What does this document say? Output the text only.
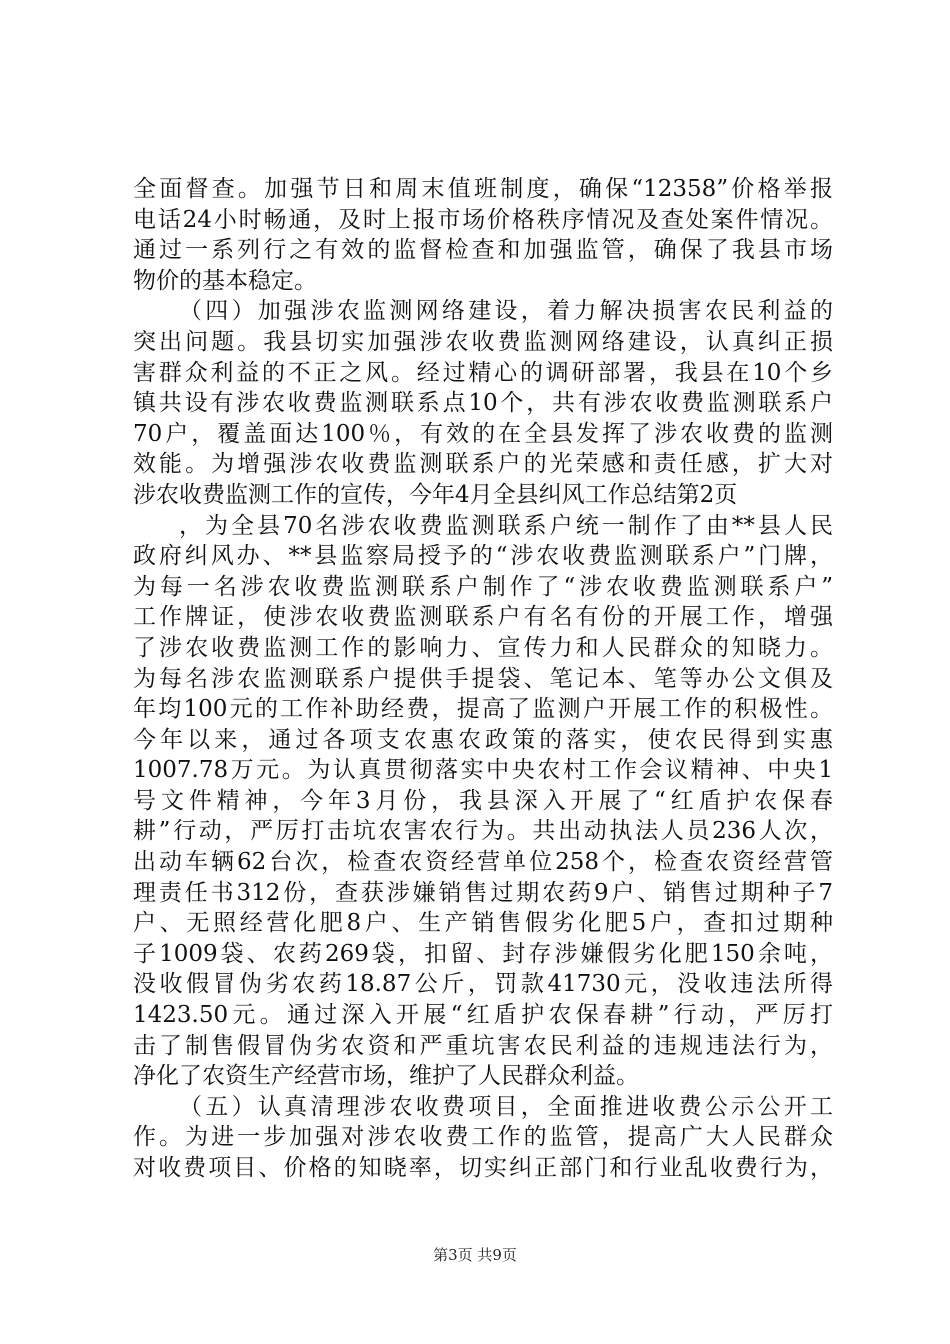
全面督查。加强节日和周末值班制度，确保“12358”价格举报
电话24小时畅通，及时上报市场价格秩序情况及查处案件情况。
通过一系列行之有效的监督检查和加强监管，确保了我县市场
物价的基本稳定。
（四）加强涉农监测网络建设，着力解决损害农民利益的
突出问题。我县切实加强涉农收费监测网络建设，认真纠正损
害群众利益的不正之风。经过精心的调研部署，我县在10个乡
镇共设有涉农收费监测联系点10个，共有涉农收费监测联系户
70户，覆盖面达100％，有效的在全县发挥了涉农收费的监测
效能。为增强涉农收费监测联系户的光荣感和责任感，扩大对
涉农收费监测工作的宣传，今年4月全县纠风工作总结第2页
，为全县70名涉农收费监测联系户统一制作了由**县人民
政府纠风办、**县监察局授予的“涉农收费监测联系户”门牌，
为每一名涉农收费监测联系户制作了“涉农收费监测联系户”
工作牌证，使涉农收费监测联系户有名有份的开展工作，增强
了涉农收费监测工作的影响力、宣传力和人民群众的知晓力。
为每名涉农监测联系户提供手提袋、笔记本、笔等办公文俱及
年均100元的工作补助经费，提高了监测户开展工作的积极性。
今年以来，通过各项支农惠农政策的落实，使农民得到实惠
1007.78万元。为认真贯彻落实中央农村工作会议精神、中央1
号文件精神，今年3月份，我县深入开展了“红盾护农保春
耕”行动，严厉打击坑农害农行为。共出动执法人员236人次，
出动车辆62台次，检查农资经营单位258个，检查农资经营管
理责任书312份，查获涉嫌销售过期农药9户、销售过期种子7
户、无照经营化肥8户、生产销售假劣化肥5户，查扣过期种
子1009袋、农药269袋，扣留、封存涉嫌假劣化肥150余吨，
没收假冒伪劣农药18.87公斤，罚款41730元，没收违法所得
1423.50元。通过深入开展“红盾护农保春耕”行动，严厉打
击了制售假冒伪劣农资和严重坑害农民利益的违规违法行为，
净化了农资生产经营市场，维护了人民群众利益。
（五）认真清理涉农收费项目，全面推进收费公示公开工
作。为进一步加强对涉农收费工作的监管，提高广大人民群众
对收费项目、价格的知晓率，切实纠正部门和行业乱收费行为，
第3页 共9页
